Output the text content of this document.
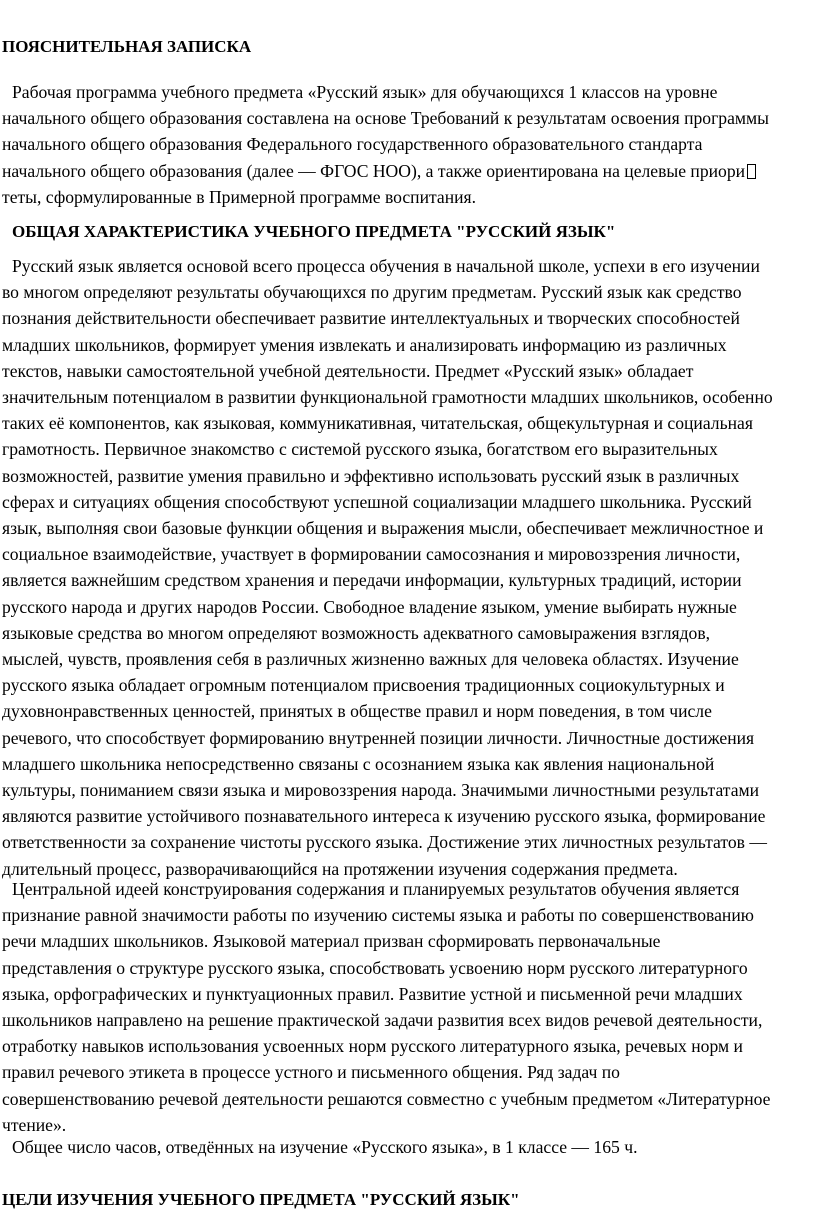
ПОЯСНИТЕЛЬНАЯ ЗАПИСКА

Рабочая программа учебного предмета «Русский язык» для обучающихся 1 классов на уровне
начального общего образования составлена на основе Требований к результатам освоения программы
начального общего образования Федерального государственного образовательного стандарта
начального общего образования (далее — ФГОС НОО), а также ориентирована на целевые приори
теты, сформулированные в Примерной программе воспитания.

ОБЩАЯ ХАРАКТЕРИСТИКА УЧЕБНОГО ПРЕДМЕТА "РУССКИЙ ЯЗЫК"

Русский язык является основой всего процесса обучения в начальной школе, успехи в его изучении
во многом определяют результаты обучающихся по другим предметам. Русский язык как средство
познания действительности обеспечивает развитие интеллектуальных и творческих способностей
младших школьников, формирует умения извлекать и анализировать информацию из различных
текстов, навыки самостоятельной учебной деятельности. Предмет «Русский язык» обладает
значительным потенциалом в развитии функциональной грамотности младших школьников, особенно
таких её компонентов, как языковая, коммуникативная, читательская, общекультурная и социальная
грамотность. Первичное знакомство с системой русского языка, богатством его выразительных
возможностей, развитие умения правильно и эффективно использовать русский язык в различных
сферах и ситуациях общения способствуют успешной социализации младшего школьника. Русский
язык, выполняя свои базовые функции общения и выражения мысли, обеспечивает межличностное и
социальное взаимодействие, участвует в формировании самосознания и мировоззрения личности,
является важнейшим средством хранения и передачи информации, культурных традиций, истории
русского народа и других народов России. Свободное владение языком, умение выбирать нужные
языковые средства во многом определяют возможность адекватного самовыражения взглядов,
мыслей, чувств, проявления себя в различных жизненно важных для человека областях. Изучение
русского языка обладает огромным потенциалом присвоения традиционных социокультурных и
духовнонравственных ценностей, принятых в обществе правил и норм поведения, в том числе
речевого, что способствует формированию внутренней позиции личности. Личностные достижения
младшего школьника непосредственно связаны с осознанием языка как явления национальной
культуры, пониманием связи языка и мировоззрения народа. Значимыми личностными результатами
являются развитие устойчивого познавательного интереса к изучению русского языка, формирование
ответственности за сохранение чистоты русского языка. Достижение этих личностных результатов —
длительный процесс, разворачивающийся на протяжении изучения содержания предмета.

Центральной идеей конструирования содержания и планируемых результатов обучения является
признание равной значимости работы по изучению системы языка и работы по совершенствованию
речи младших школьников. Языковой материал призван сформировать первоначальные
представления о структуре русского языка, способствовать усвоению норм русского литературного
языка, орфографических и пунктуационных правил. Развитие устной и письменной речи младших
школьников направлено на решение практической задачи развития всех видов речевой деятельности,
отработку навыков использования усвоенных норм русского литературного языка, речевых норм и
правил речевого этикета в процессе устного и письменного общения. Ряд задач по
совершенствованию речевой деятельности решаются совместно с учебным предметом «Литературное
чтение».

Общее число часов, отведённых на изучение «Русского языка», в 1 классе — 165 ч.

ЦЕЛИ ИЗУЧЕНИЯ УЧЕБНОГО ПРЕДМЕТА "РУССКИЙ ЯЗЫК"
